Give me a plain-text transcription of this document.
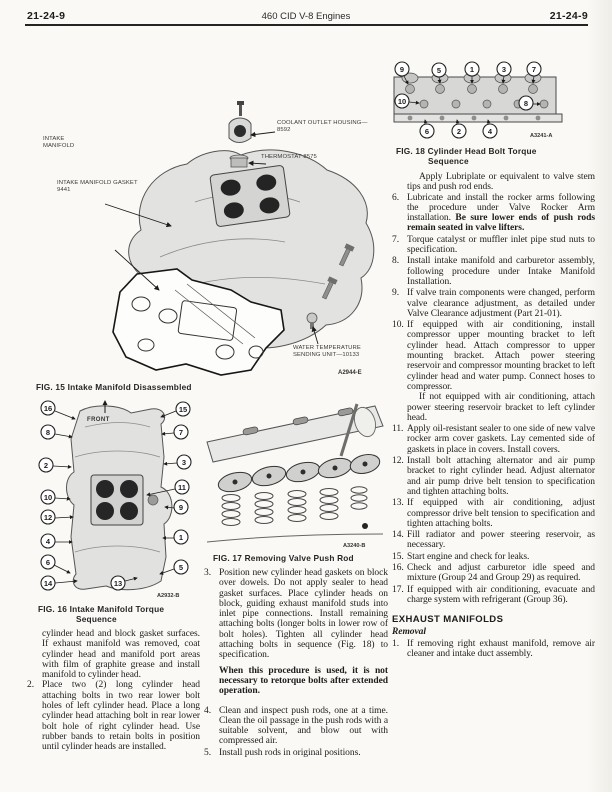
21-24-9	460 CID V-8 Engines	21-24-9
COOLANT OUTLET HOUSING—8592
THERMOSTAT 8575
INTAKE MANIFOLD
INTAKE MANIFOLD GASKET 9441
WATER TEMPERATURE SENDING UNIT—10133
A2944-E
FIG. 15 Intake Manifold Disassembled
FRONT
16
8
2
10
12
4
6
14
15
7
3
11
9
1
5
13
A2932-B
FIG. 16 Intake Manifold Torque
Sequence
A3240-B
FIG. 17 Removing Valve Push Rod
9	5	1	3	7
10	8
6	2	4	A3241-A
FIG. 18 Cylinder Head Bolt Torque
Sequence
cylinder head and block gasket surfaces. If exhaust manifold was removed, coat cylinder head and manifold port areas with film of graphite grease and install manifold to cylinder head.
2. Place two (2) long cylinder head attaching bolts in two rear lower bolt holes of left cylinder head. Place a long cylinder head attaching bolt in rear lower bolt hole of right cylinder head. Use rubber bands to retain bolts in position until cylinder heads are installed.
3. Position new cylinder head gaskets on block over dowels. Do not apply sealer to head gasket surfaces. Place cylinder heads on block, guiding exhaust manifold studs into inlet pipe connections. Install remaining attaching bolts (longer bolts in lower row of bolt holes). Tighten all cylinder head attaching bolts in sequence (Fig. 18) to specification.
When this procedure is used, it is not necessary to retorque bolts after extended operation.
4. Clean and inspect push rods, one at a time. Clean the oil passage in the push rods with a suitable solvent, and blow out with compressed air.
5. Install push rods in original positions.
Apply Lubriplate or equivalent to valve stem tips and push rod ends.
6. Lubricate and install the rocker arms following the procedure under Valve Rocker Arm installation. Be sure lower ends of push rods remain seated in valve lifters.
7. Torque catalyst or muffler inlet pipe stud nuts to specification.
8. Install intake manifold and carburetor assembly, following procedure under Intake Manifold Installation.
9. If valve train components were changed, perform valve clearance adjustment, as detailed under Valve Clearance adjustment (Part 21-01).
10. If equipped with air conditioning, install compressor upper mounting bracket to left cylinder head. Attach compressor to upper mounting bracket. Attach power steering reservoir and compressor mounting bracket to left cylinder head and water pump. Connect hoses to compressor.
If not equipped with air conditioning, attach power steering reservoir bracket to left cylinder head.
11. Apply oil-resistant sealer to one side of new valve rocker arm cover gaskets. Lay cemented side of gaskets in place in covers. Install covers.
12. Install bolt attaching alternator and air pump bracket to right cylinder head. Adjust alternator and air pump drive belt tension to specification and tighten attaching bolts.
13. If equipped with air conditioning, adjust compressor drive belt tension to specification and tighten attaching bolts.
14. Fill radiator and power steering reservoir, as necessary.
15. Start engine and check for leaks.
16. Check and adjust carburetor idle speed and mixture (Group 24 and Group 29) as required.
17. If equipped with air conditioning, evacuate and charge system with refrigerant (Group 36).
EXHAUST MANIFOLDS
Removal
1. If removing right exhaust manifold, remove air cleaner and intake duct assembly.
